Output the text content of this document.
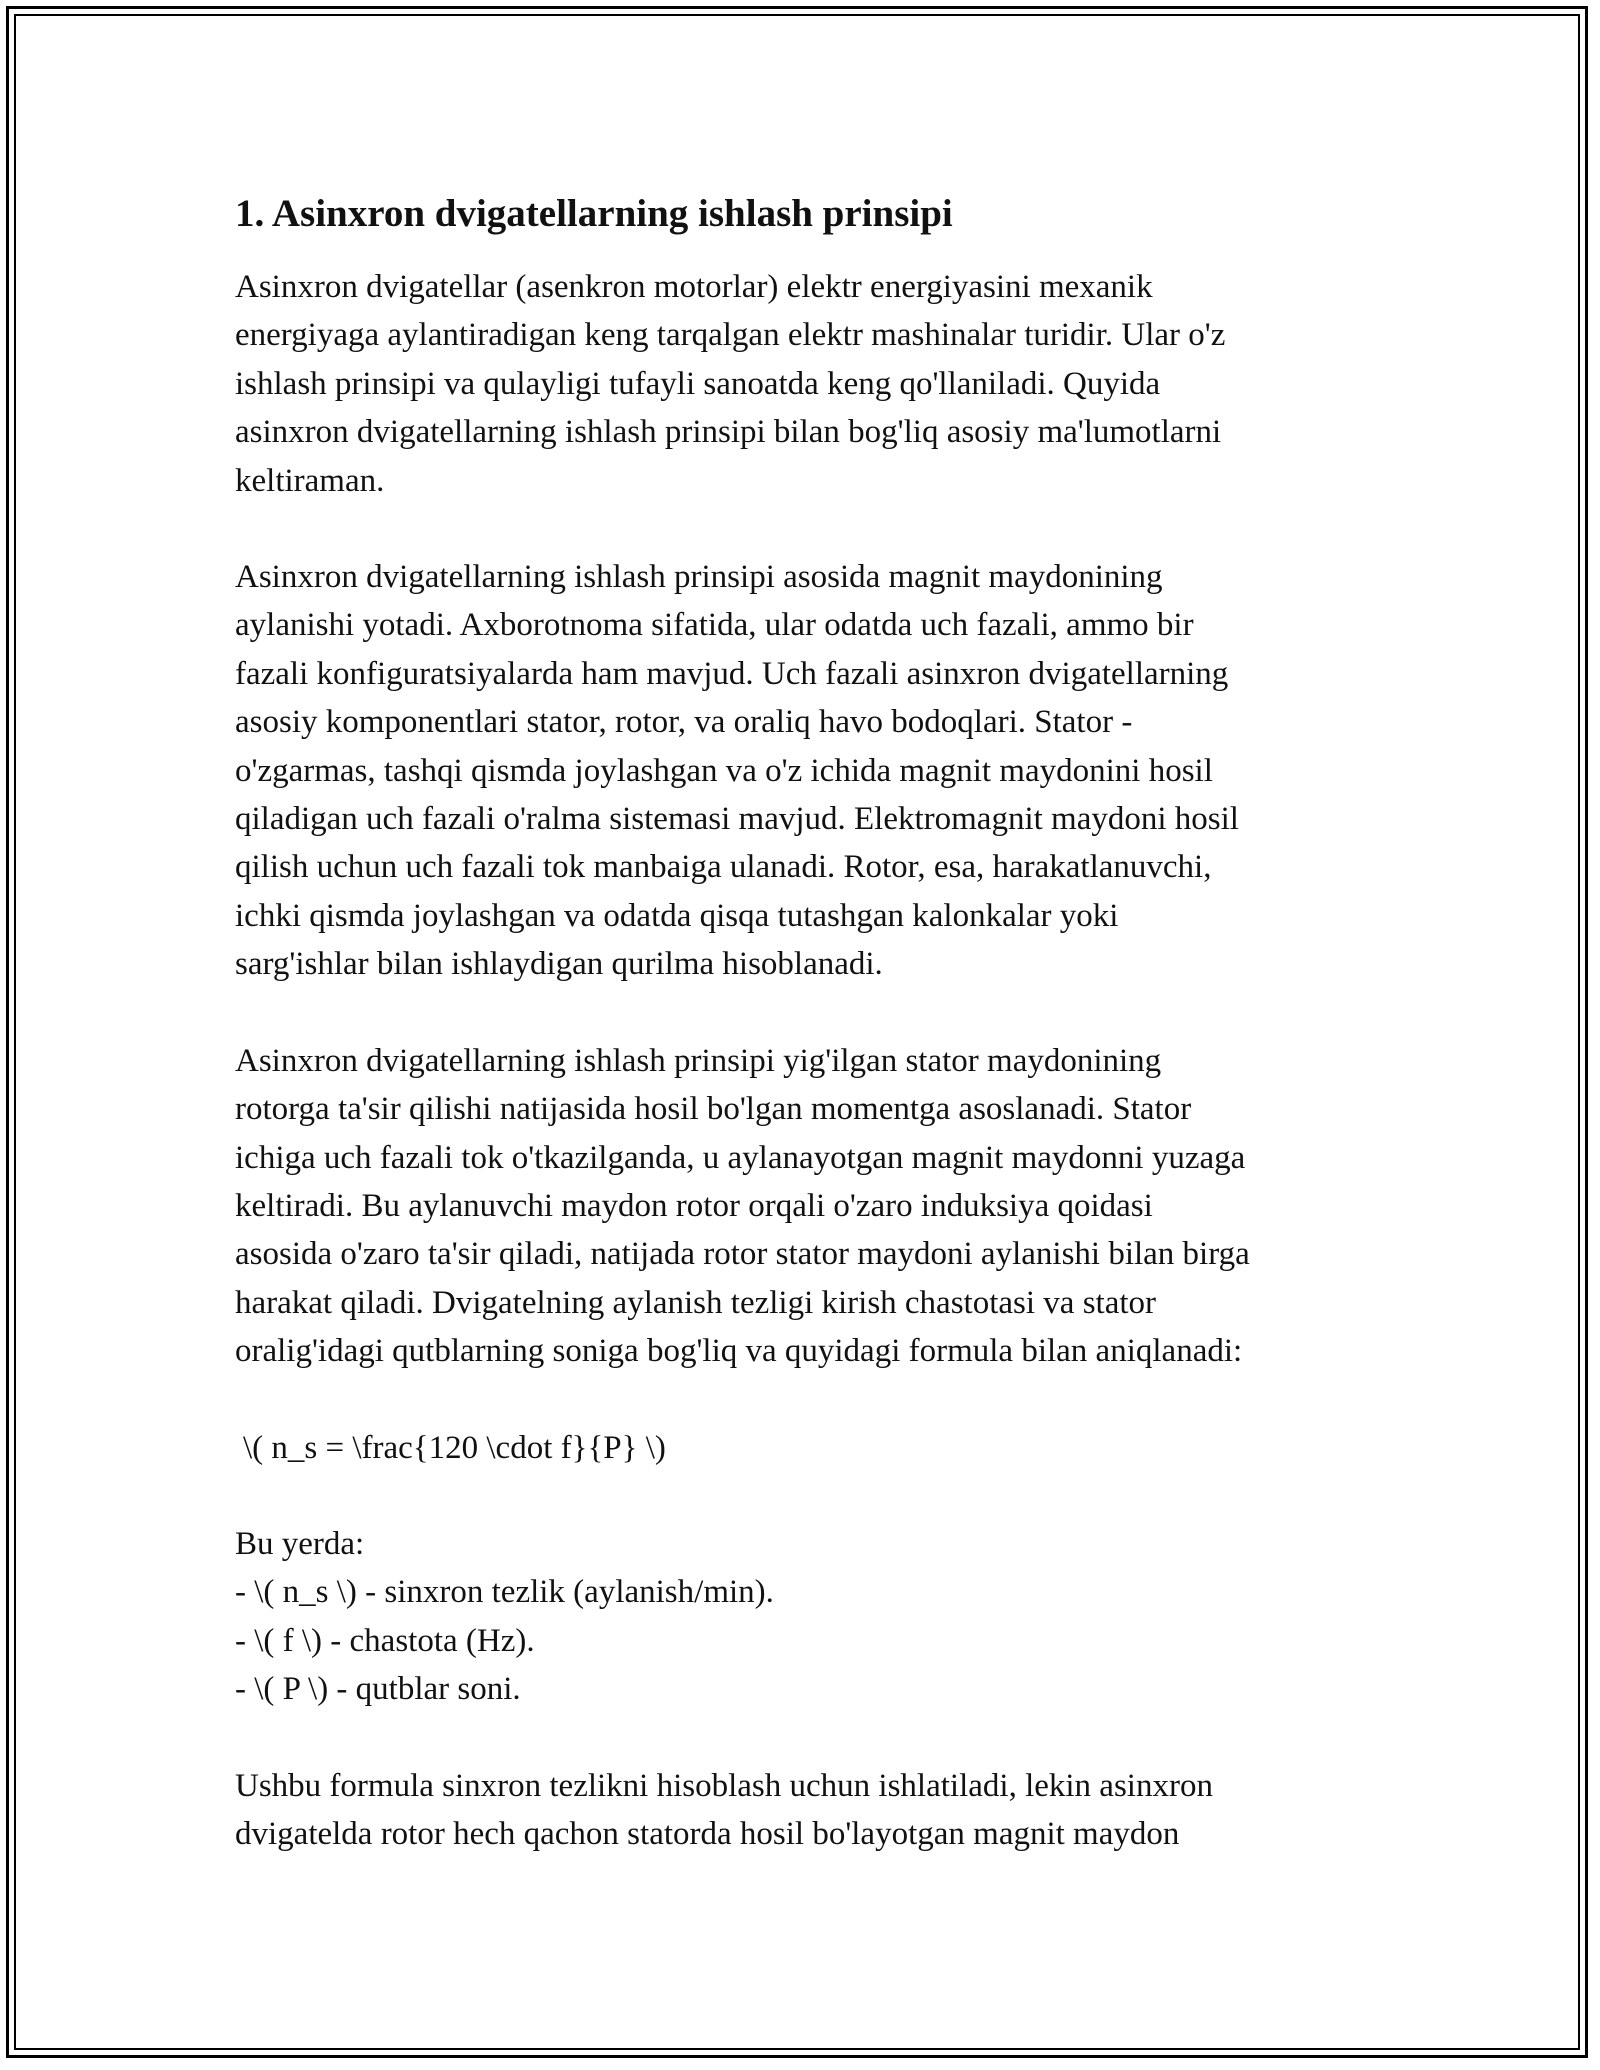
1. Asinxron dvigatellarning ishlash prinsipi

Asinxron dvigatellar (asenkron motorlar) elektr energiyasini mexanik
energiyaga aylantiradigan keng tarqalgan elektr mashinalar turidir. Ular o'z
ishlash prinsipi va qulayligi tufayli sanoatda keng qo'llaniladi. Quyida
asinxron dvigatellarning ishlash prinsipi bilan bog'liq asosiy ma'lumotlarni
keltiraman.

Asinxron dvigatellarning ishlash prinsipi asosida magnit maydonining
aylanishi yotadi. Axborotnoma sifatida, ular odatda uch fazali, ammo bir
fazali konfiguratsiyalarda ham mavjud. Uch fazali asinxron dvigatellarning
asosiy komponentlari stator, rotor, va oraliq havo bodoqlari. Stator -
o'zgarmas, tashqi qismda joylashgan va o'z ichida magnit maydonini hosil
qiladigan uch fazali o'ralma sistemasi mavjud. Elektromagnit maydoni hosil
qilish uchun uch fazali tok manbaiga ulanadi. Rotor, esa, harakatlanuvchi,
ichki qismda joylashgan va odatda qisqa tutashgan kalonkalar yoki
sarg'ishlar bilan ishlaydigan qurilma hisoblanadi.

Asinxron dvigatellarning ishlash prinsipi yig'ilgan stator maydonining
rotorga ta'sir qilishi natijasida hosil bo'lgan momentga asoslanadi. Stator
ichiga uch fazali tok o'tkazilganda, u aylanayotgan magnit maydonni yuzaga
keltiradi. Bu aylanuvchi maydon rotor orqali o'zaro induksiya qoidasi
asosida o'zaro ta'sir qiladi, natijada rotor stator maydoni aylanishi bilan birga
harakat qiladi. Dvigatelning aylanish tezligi kirish chastotasi va stator
oralig'idagi qutblarning soniga bog'liq va quyidagi formula bilan aniqlanadi:

\( n_s = \frac{120 \cdot f}{P} \)
Bu yerda:
- \( n_s \) - sinxron tezlik (aylanish/min).
- \( f \) - chastota (Hz).
- \( P \) - qutblar soni.

Ushbu formula sinxron tezlikni hisoblash uchun ishlatiladi, lekin asinxron
dvigatelda rotor hech qachon statorda hosil bo'layotgan magnit maydon
